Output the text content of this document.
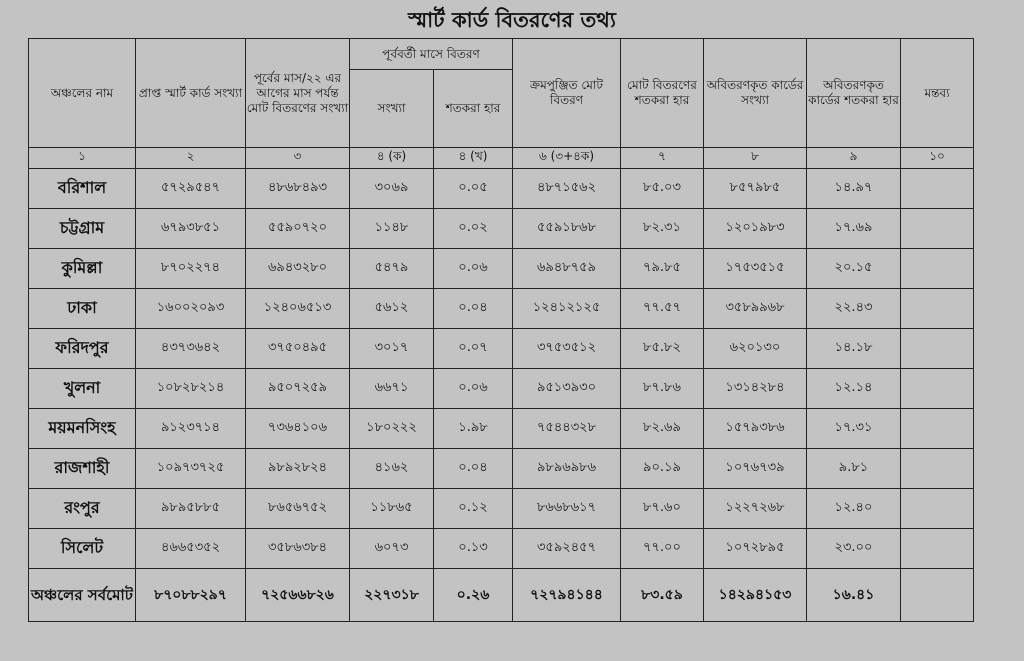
স্মার্ট কার্ড বিতরণের তথ্য
অঞ্চলের নাম	প্রাপ্ত স্মার্ট কার্ড সংখ্যা	পূর্বের মাস/২২ এর আগের মাস পর্যন্ত মোট বিতরণের সংখ্যা	পূর্ববর্তী মাসে বিতরণ		ক্রমপুঞ্জিত মোট বিতরণ	মোট বিতরণের শতকরা হার	অবিতরণকৃত কার্ডের সংখ্যা	অবিতরণকৃত কার্ডের শতকরা হার	মন্তব্য
			সংখ্যা	শতকরা হার					
১	২	৩	৪ (ক)	৪ (খ)	৬ (৩+৪ক)	৭	৮	৯	১০
বরিশাল	৫৭২৯৫৪৭	৪৮৬৮৪৯৩	৩০৬৯	০.০৫	৪৮৭১৫৬২	৮৫.০৩	৮৫৭৯৮৫	১৪.৯৭	
চট্টগ্রাম	৬৭৯৩৮৫১	৫৫৯০৭২০	১১৪৮	০.০২	৫৫৯১৮৬৮	৮২.৩১	১২০১৯৮৩	১৭.৬৯	
কুমিল্লা	৮৭০২২৭৪	৬৯৪৩২৮০	৫৪৭৯	০.০৬	৬৯৪৮৭৫৯	৭৯.৮৫	১৭৫৩৫১৫	২০.১৫	
ঢাকা	১৬০০২০৯৩	১২৪০৬৫১৩	৫৬১২	০.০৪	১২৪১২১২৫	৭৭.৫৭	৩৫৮৯৯৬৮	২২.৪৩	
ফরিদপুর	৪৩৭৩৬৪২	৩৭৫০৪৯৫	৩০১৭	০.০৭	৩৭৫৩৫১২	৮৫.৮২	৬২০১৩০	১৪.১৮	
খুলনা	১০৮২৮২১৪	৯৫০৭২৫৯	৬৬৭১	০.০৬	৯৫১৩৯৩০	৮৭.৮৬	১৩১৪২৮৪	১২.১৪	
ময়মনসিংহ	৯১২৩৭১৪	৭৩৬৪১০৬	১৮০২২২	১.৯৮	৭৫৪৪৩২৮	৮২.৬৯	১৫৭৯৩৮৬	১৭.৩১	
রাজশাহী	১০৯৭৩৭২৫	৯৮৯২৮২৪	৪১৬২	০.০৪	৯৮৯৬৯৮৬	৯০.১৯	১০৭৬৭৩৯	৯.৮১	
রংপুর	৯৮৯৫৮৮৫	৮৬৫৬৭৫২	১১৮৬৫	০.১২	৮৬৬৮৬১৭	৮৭.৬০	১২২৭২৬৮	১২.৪০	
সিলেট	৪৬৬৫৩৫২	৩৫৮৬৩৮৪	৬০৭৩	০.১৩	৩৫৯২৪৫৭	৭৭.০০	১০৭২৮৯৫	২৩.০০	
অঞ্চলের সর্বমোট	৮৭০৮৮২৯৭	৭২৫৬৬৮২৬	২২৭৩১৮	০.২৬	৭২৭৯৪১৪৪	৮৩.৫৯	১৪২৯৪১৫৩	১৬.৪১	
